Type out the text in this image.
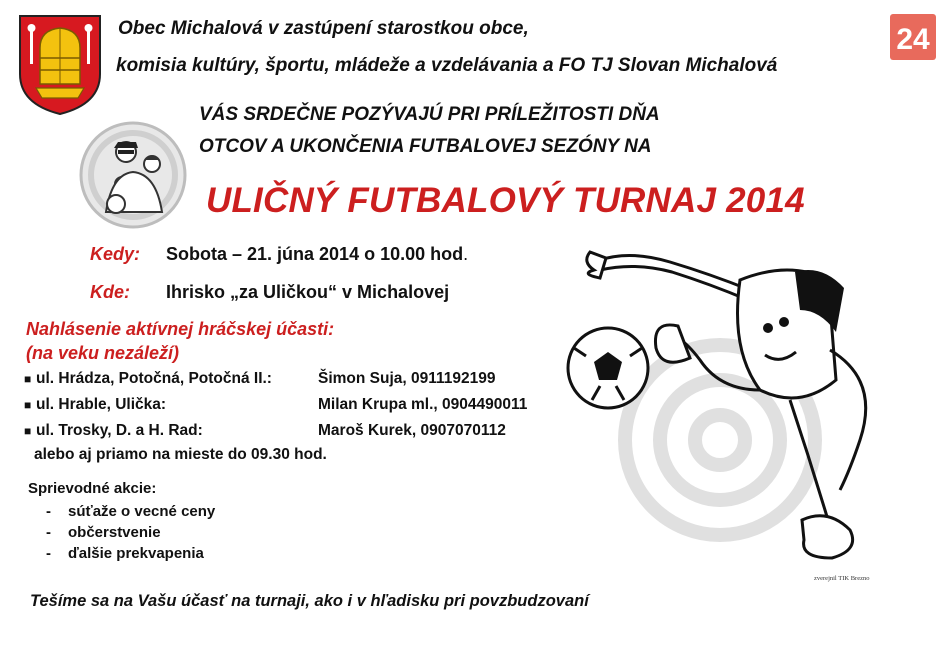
24
Obec Michalová v zastúpení starostkou obce,
komisia kultúry, športu, mládeže a vzdelávania a FO TJ Slovan Michalová
VÁS SRDEČNE POZÝVAJÚ PRI PRÍLEŽITOSTI DŇA
OTCOV A UKONČENIA FUTBALOVEJ SEZÓNY NA
ULIČNÝ FUTBALOVÝ TURNAJ 2014
Kedy: Sobota – 21. júna 2014 o 10.00 hod.
Kde: Ihrisko „za Uličkou“ v Michalovej
Nahlásenie aktívnej hráčskej účasti:
(na veku nezáleží)
■ ul. Hrádza, Potočná, Potočná II.:	Šimon Suja, 0911192199
■ ul. Hrable, Ulička:	Milan Krupa ml., 0904490011
■ ul. Trosky, D. a H. Rad:	Maroš Kurek, 0907070112
alebo aj priamo na mieste do 09.30 hod.
Sprievodné akcie:
- súťaže o vecné ceny
- občerstvenie
- ďalšie prekvapenia
zverejnil TIK Brezno
Tešíme sa na Vašu účasť na turnaji, ako i v hľadisku pri povzbudzovaní
